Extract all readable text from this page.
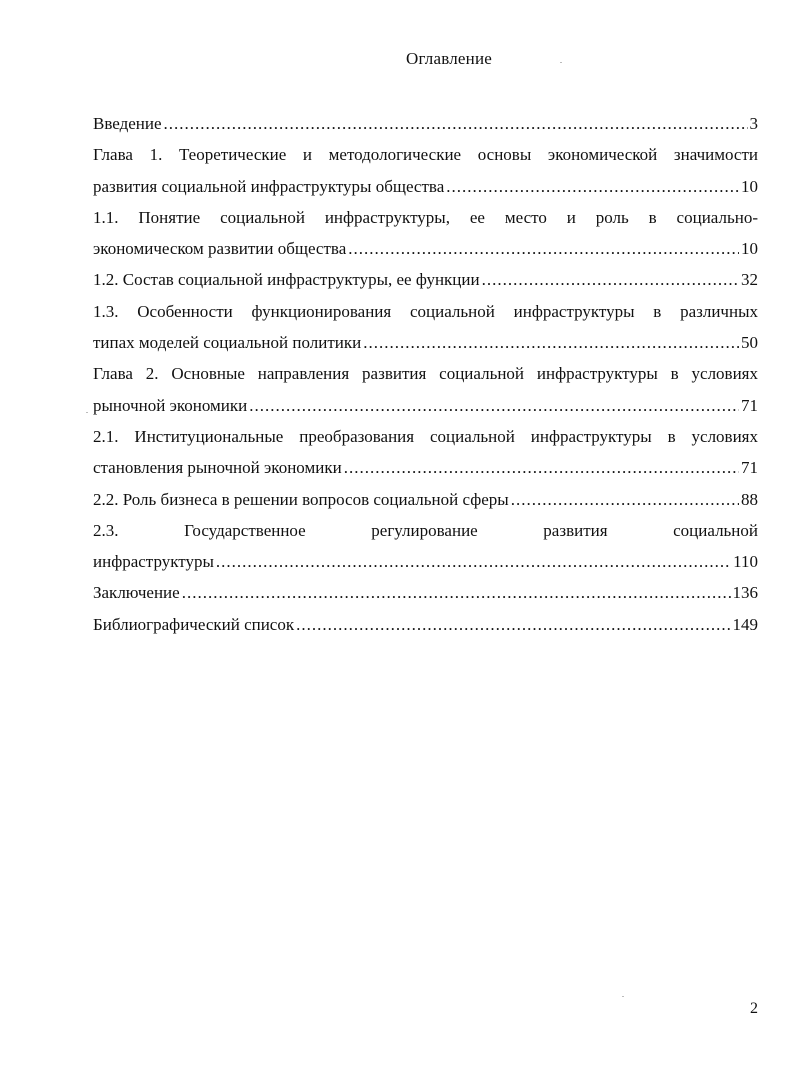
Оглавление
Введение .....	3
Глава 1. Теоретические и методологические основы экономической значимости
развития социальной инфраструктуры общества .....	10
1.1. Понятие социальной инфраструктуры, ее место и роль в социально-
экономическом развитии общества .....	10
1.2. Состав социальной инфраструктуры, ее функции .....	32
1.3. Особенности функционирования социальной инфраструктуры в различных
типах моделей социальной политики .....	50
Глава 2. Основные направления развития социальной инфраструктуры в условиях
рыночной экономики .....	71
2.1. Институциональные преобразования социальной инфраструктуры в условиях
становления рыночной экономики .....	71
2.2. Роль бизнеса в решении вопросов социальной сферы .....	88
2.3. Государственное регулирование развития социальной
инфраструктуры .....	110
Заключение .....	136
Библиографический список .....	149
2
